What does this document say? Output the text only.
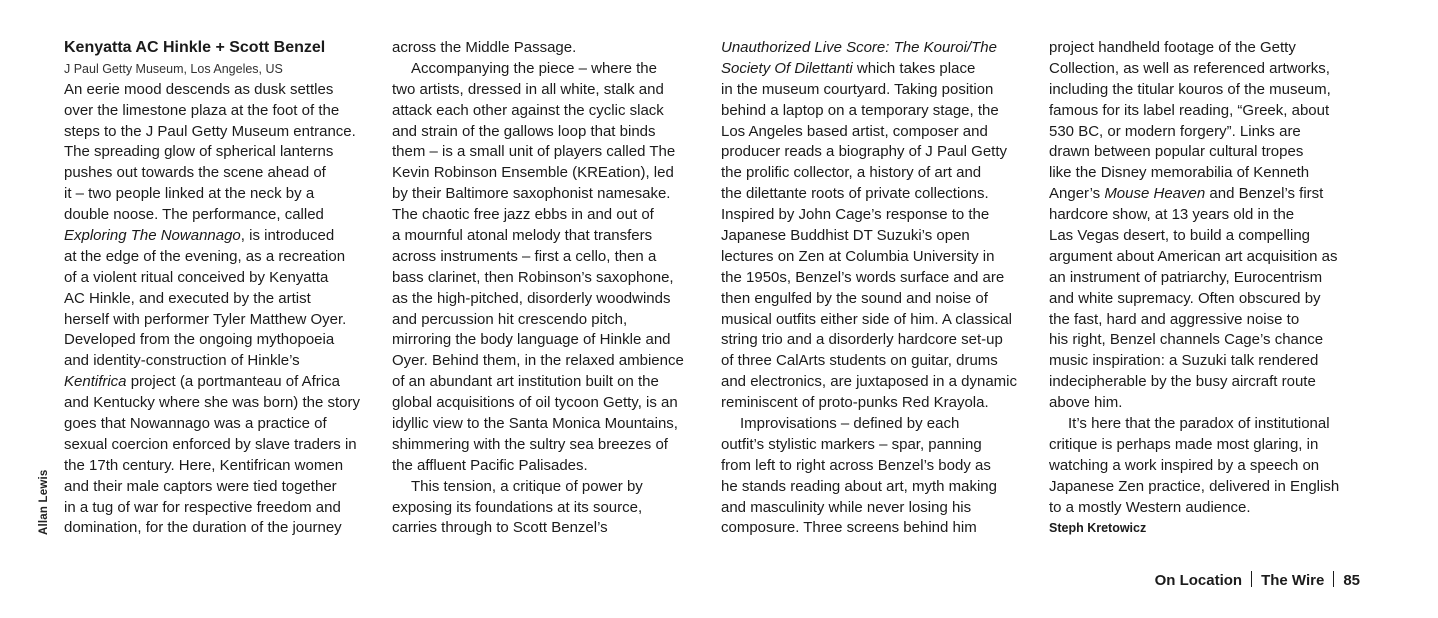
Allan Lewis
Kenyatta AC Hinkle + Scott Benzel
J Paul Getty Museum, Los Angeles, US
An eerie mood descends as dusk settles
over the limestone plaza at the foot of the
steps to the J Paul Getty Museum entrance.
The spreading glow of spherical lanterns
pushes out towards the scene ahead of
it – two people linked at the neck by a
double noose. The performance, called
Exploring The Nowannago, is introduced
at the edge of the evening, as a recreation
of a violent ritual conceived by Kenyatta
AC Hinkle, and executed by the artist
herself with performer Tyler Matthew Oyer.
Developed from the ongoing mythopoeia
and identity-construction of Hinkle’s
Kentifrica project (a portmanteau of Africa
and Kentucky where she was born) the story
goes that Nowannago was a practice of
sexual coercion enforced by slave traders in
the 17th century. Here, Kentifrican women
and their male captors were tied together
in a tug of war for respective freedom and
domination, for the duration of the journey
across the Middle Passage.
Accompanying the piece – where the
two artists, dressed in all white, stalk and
attack each other against the cyclic slack
and strain of the gallows loop that binds
them – is a small unit of players called The
Kevin Robinson Ensemble (KREation), led
by their Baltimore saxophonist namesake.
The chaotic free jazz ebbs in and out of
a mournful atonal melody that transfers
across instruments – first a cello, then a
bass clarinet, then Robinson’s saxophone,
as the high-pitched, disorderly woodwinds
and percussion hit crescendo pitch,
mirroring the body language of Hinkle and
Oyer. Behind them, in the relaxed ambience
of an abundant art institution built on the
global acquisitions of oil tycoon Getty, is an
idyllic view to the Santa Monica Mountains,
shimmering with the sultry sea breezes of
the affluent Pacific Palisades.
This tension, a critique of power by
exposing its foundations at its source,
carries through to Scott Benzel’s
Unauthorized Live Score: The Kouroi/The
Society Of Dilettanti which takes place
in the museum courtyard. Taking position
behind a laptop on a temporary stage, the
Los Angeles based artist, composer and
producer reads a biography of J Paul Getty
the prolific collector, a history of art and
the dilettante roots of private collections.
Inspired by John Cage’s response to the
Japanese Buddhist DT Suzuki’s open
lectures on Zen at Columbia University in
the 1950s, Benzel’s words surface and are
then engulfed by the sound and noise of
musical outfits either side of him. A classical
string trio and a disorderly hardcore set-up
of three CalArts students on guitar, drums
and electronics, are juxtaposed in a dynamic
reminiscent of proto-punks Red Krayola.
Improvisations – defined by each
outfit’s stylistic markers – spar, panning
from left to right across Benzel’s body as
he stands reading about art, myth making
and masculinity while never losing his
composure. Three screens behind him
project handheld footage of the Getty
Collection, as well as referenced artworks,
including the titular kouros of the museum,
famous for its label reading, “Greek, about
530 BC, or modern forgery”. Links are
drawn between popular cultural tropes
like the Disney memorabilia of Kenneth
Anger’s Mouse Heaven and Benzel’s first
hardcore show, at 13 years old in the
Las Vegas desert, to build a compelling
argument about American art acquisition as
an instrument of patriarchy, Eurocentrism
and white supremacy. Often obscured by
the fast, hard and aggressive noise to
his right, Benzel channels Cage’s chance
music inspiration: a Suzuki talk rendered
indecipherable by the busy aircraft route
above him.
It’s here that the paradox of institutional
critique is perhaps made most glaring, in
watching a work inspired by a speech on
Japanese Zen practice, delivered in English
to a mostly Western audience.
Steph Kretowicz
On Location The Wire 85
